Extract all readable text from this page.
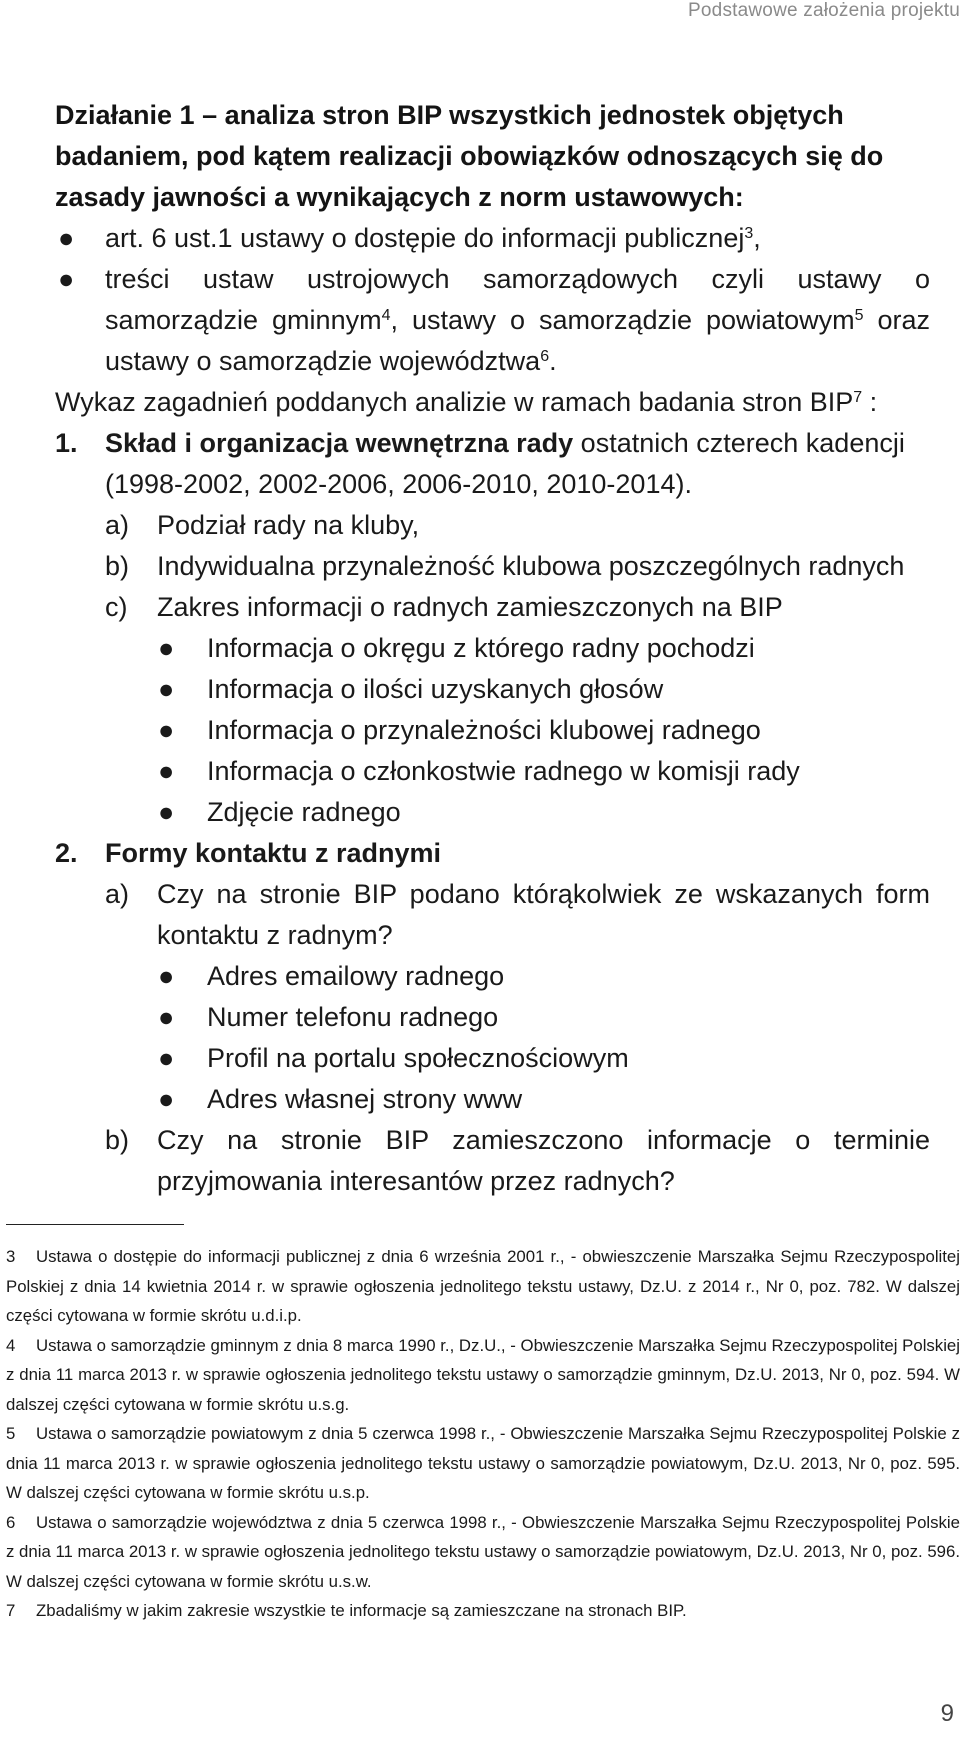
Podstawowe założenia projektu

Działanie 1 – analiza stron BIP wszystkich jednostek objętych badaniem, pod kątem realizacji obowiązków odnoszących się do zasady jawności a wynikających z norm ustawowych:

● art. 6 ust.1 ustawy o dostępie do informacji publicznej$^3$,
● treści ustaw ustrojowych samorządowych czyli ustawy o samorządzie gminnym$^4$, ustawy o samorządzie powiatowym$^5$ oraz ustawy o samorządzie województwa$^6$.

Wykaz zagadnień poddanych analizie w ramach badania stron BIP$^7$ :

1. Skład i organizacja wewnętrzna rady ostatnich czterech kadencji (1998-2002, 2002-2006, 2006-2010, 2010-2014).
a) Podział rady na kluby,
b) Indywidualna przynależność klubowa poszczególnych radnych
c) Zakres informacji o radnych zamieszczonych na BIP
● Informacja o okręgu z którego radny pochodzi
● Informacja o ilości uzyskanych głosów
● Informacja o przynależności klubowej radnego
● Informacja o członkostwie radnego w komisji rady
● Zdjęcie radnego
2. Formy kontaktu z radnymi
a) Czy na stronie BIP podano którąkolwiek ze wskazanych form kontaktu z radnym?
● Adres emailowy radnego
● Numer telefonu radnego
● Profil na portalu społecznościowym
● Adres własnej strony www
b) Czy na stronie BIP zamieszczono informacje o terminie przyjmowania interesantów przez radnych?

3 Ustawa o dostępie do informacji publicznej z dnia 6 września 2001 r., - obwieszczenie Marszałka Sejmu Rzeczypospolitej Polskiej z dnia 14 kwietnia 2014 r. w sprawie ogłoszenia jednolitego tekstu ustawy, Dz.U. z 2014 r., Nr 0, poz. 782. W dalszej części cytowana w formie skrótu u.d.i.p.

4 Ustawa o samorządzie gminnym z dnia 8 marca 1990 r., Dz.U., - Obwieszczenie Marszałka Sejmu Rzeczypospolitej Polskiej z dnia 11 marca 2013 r. w sprawie ogłoszenia jednolitego tekstu ustawy o samorządzie gminnym, Dz.U. 2013, Nr 0, poz. 594. W dalszej części cytowana w formie skrótu u.s.g.

5 Ustawa o samorządzie powiatowym z dnia 5 czerwca 1998 r., - Obwieszczenie Marszałka Sejmu Rzeczypospolitej Polskie z dnia 11 marca 2013 r. w sprawie ogłoszenia jednolitego tekstu ustawy o samorządzie powiatowym, Dz.U. 2013, Nr 0, poz. 595. W dalszej części cytowana w formie skrótu u.s.p.

6 Ustawa o samorządzie województwa z dnia 5 czerwca 1998 r., - Obwieszczenie Marszałka Sejmu Rzeczypospolitej Polskie z dnia 11 marca 2013 r. w sprawie ogłoszenia jednolitego tekstu ustawy o samorządzie powiatowym, Dz.U. 2013, Nr 0, poz. 596. W dalszej części cytowana w formie skrótu u.s.w.

7 Zbadaliśmy w jakim zakresie wszystkie te informacje są zamieszczane na stronach BIP.

9
